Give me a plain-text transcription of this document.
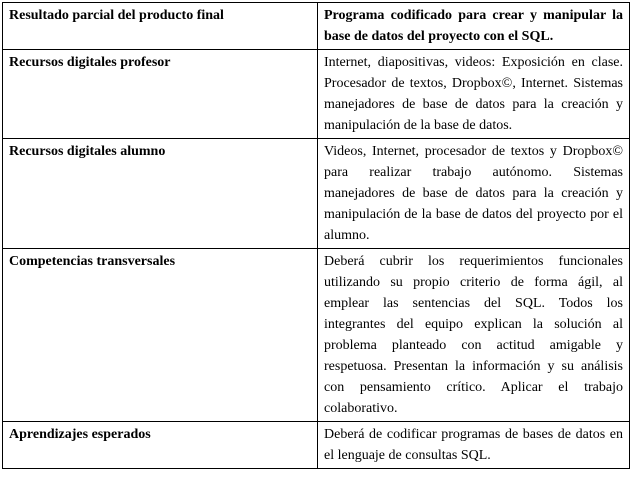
Resultado parcial del producto final	Programa codificado para crear y manipular la base de datos del proyecto con el SQL.
Recursos digitales profesor	Internet, diapositivas, videos: Exposición en clase. Procesador de textos, Dropbox©, Internet. Sistemas manejadores de base de datos para la creación y manipulación de la base de datos.
Recursos digitales alumno	Videos, Internet, procesador de textos y Dropbox© para realizar trabajo autónomo. Sistemas manejadores de base de datos para la creación y manipulación de la base de datos del proyecto por el alumno.
Competencias transversales	Deberá cubrir los requerimientos funcionales utilizando su propio criterio de forma ágil, al emplear las sentencias del SQL. Todos los integrantes del equipo explican la solución al problema planteado con actitud amigable y respetuosa. Presentan la información y su análisis con pensamiento crítico. Aplicar el trabajo colaborativo.
Aprendizajes esperados	Deberá de codificar programas de bases de datos en el lenguaje de consultas SQL.
